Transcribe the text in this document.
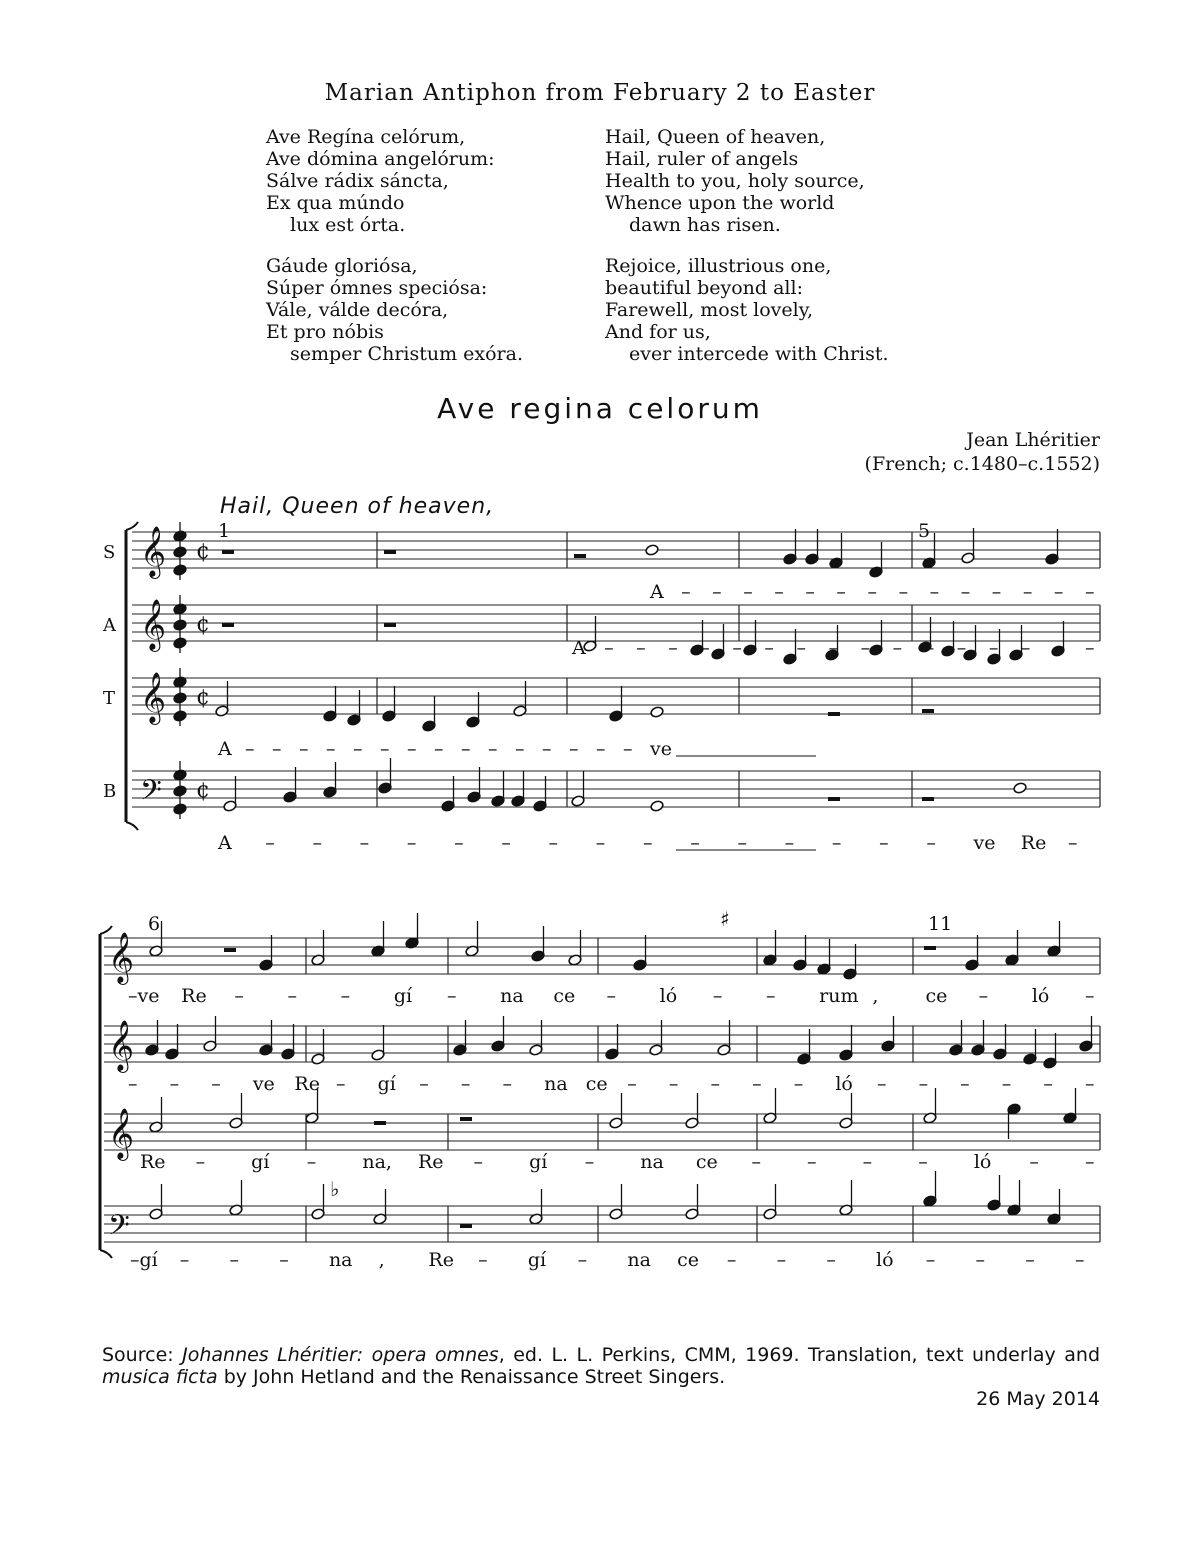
Marian Antiphon from February 2 to Easter
Ave Regína celórum,
Ave dómina angelórum:
Sálve rádix sáncta,
Ex qua múndo
lux est órta.
Hail, Queen of heaven,
Hail, ruler of angels
Health to you, holy source,
Whence upon the world
dawn has risen.
Gáude gloriósa,
Súper ómnes speciósa:
Vále, válde decóra,
Et pro nóbis
semper Christum exóra.
Rejoice, illustrious one,
beautiful beyond all:
Farewell, most lovely,
And for us,
ever intercede with Christ.
Ave regina celorum
Jean Lhéritier
(French; c.1480–c.1552)
Hail, Queen of heaven,
S 𝄞 ¢
A 𝄞 ¢
T 𝄞 ¢
B 𝄢 ¢
1	5
A – – – – – – – – – – – – – –
A – – – – – – – – – – – – – – – –
A – – – – – – – – – – – – – – – ve
A – – – – – – – – – – – – – – – ve Re –
𝄞
𝄞
𝄞
𝄢
6	11
♯
♭
–ve Re – – – gí – na ce – ló – – rum , ce – ló –
– – – ve Re – gí – – – na ce – – – – – ló – – – – – –
Re – gí – na, Re – gí – na ce – – – – ló – –
–gí – – – na , Re – gí – na ce – – – ló – – – –
Source: Johannes Lhéritier: opera omnes, ed. L. L. Perkins, CMM, 1969. Translation, text underlay and musica ficta by John Hetland and the Renaissance Street Singers.
26 May 2014
